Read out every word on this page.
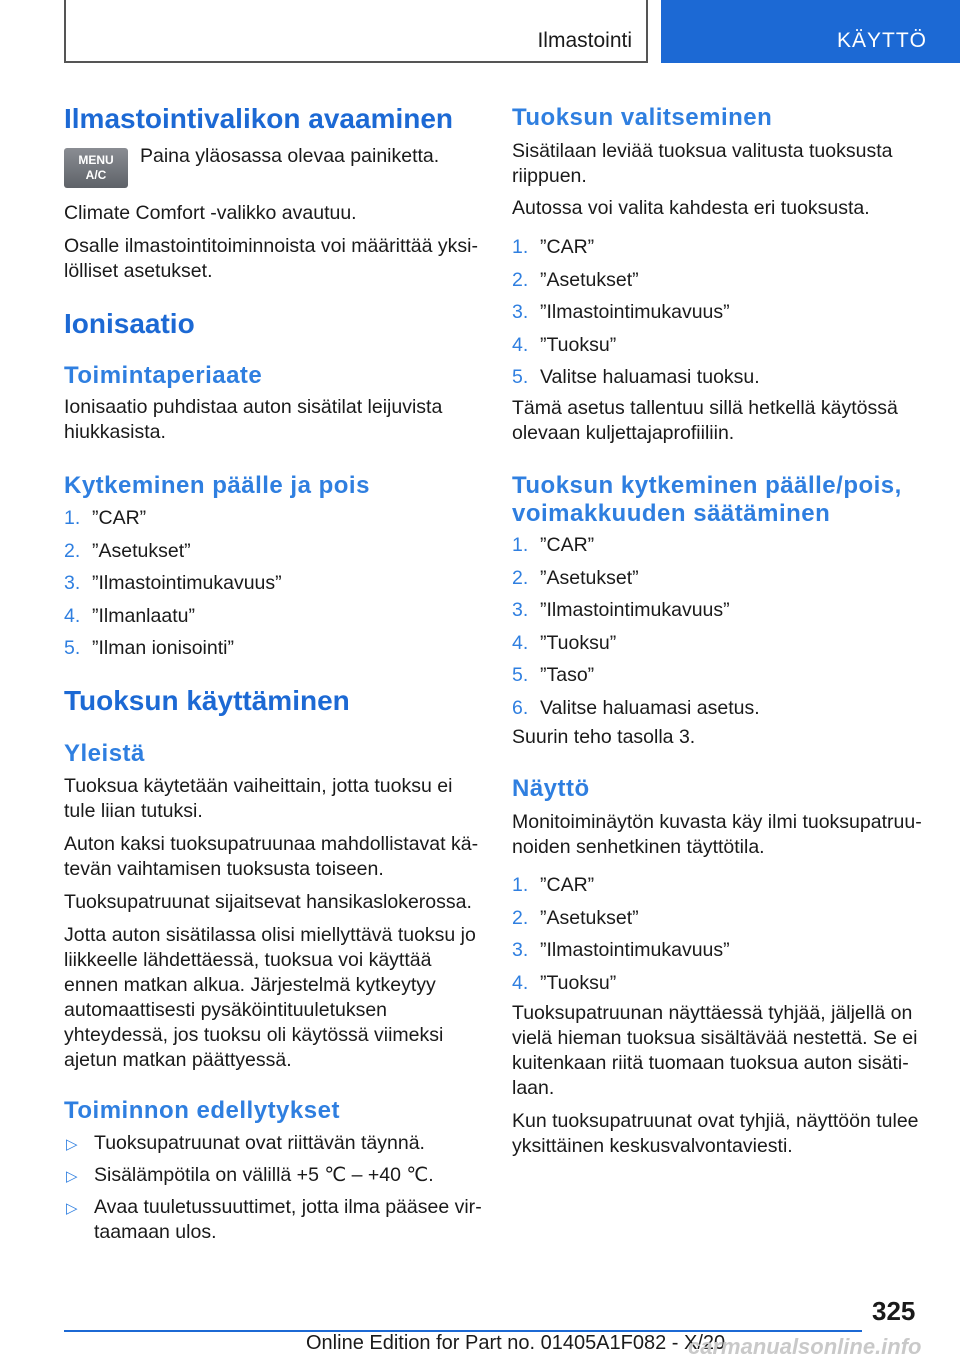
Ilmastointi	KÄYTTÖ
Ilmastointivalikon avaaminen
MENU
A/C
Paina yläosassa olevaa painiketta.
Climate Comfort -valikko avautuu.
Osalle ilmastointitoiminnoista voi määrittää yksilölliset asetukset.
Ionisaatio
Toimintaperiaate
Ionisaatio puhdistaa auton sisätilat leijuvista hiukkasista.
Kytkeminen päälle ja pois
1. ”CAR”
2. ”Asetukset”
3. ”Ilmastointimukavuus”
4. ”Ilmanlaatu”
5. ”Ilman ionisointi”
Tuoksun käyttäminen
Yleistä
Tuoksua käytetään vaiheittain, jotta tuoksu ei tule liian tutuksi.
Auton kaksi tuoksupatruunaa mahdollistavat kätevän vaihtamisen tuoksusta toiseen.
Tuoksupatruunat sijaitsevat hansikaslokerossa.
Jotta auton sisätilassa olisi miellyttävä tuoksu jo liikkeelle lähdettäessä, tuoksua voi käyttää ennen matkan alkua. Järjestelmä kytkeytyy automaattisesti pysäköintituuletuksen yhteydessä, jos tuoksu oli käytössä viimeksi ajetun matkan päättyessä.
Toiminnon edellytykset
▷ Tuoksupatruunat ovat riittävän täynnä.
▷ Sisälämpötila on välillä +5 ℃ – +40 ℃.
▷ Avaa tuuletussuuttimet, jotta ilma pääsee virtaamaan ulos.
Tuoksun valitseminen
Sisätilaan leviää tuoksua valitusta tuoksusta riippuen.
Autossa voi valita kahdesta eri tuoksusta.
1. ”CAR”
2. ”Asetukset”
3. ”Ilmastointimukavuus”
4. ”Tuoksu”
5. Valitse haluamasi tuoksu.
Tämä asetus tallentuu sillä hetkellä käytössä olevaan kuljettajaprofiiliin.
Tuoksun kytkeminen päälle/pois, voimakkuuden säätäminen
1. ”CAR”
2. ”Asetukset”
3. ”Ilmastointimukavuus”
4. ”Tuoksu”
5. ”Taso”
6. Valitse haluamasi asetus.
Suurin teho tasolla 3.
Näyttö
Monitoiminäytön kuvasta käy ilmi tuoksupatruunoiden senhetkinen täyttötila.
1. ”CAR”
2. ”Asetukset”
3. ”Ilmastointimukavuus”
4. ”Tuoksu”
Tuoksupatruunan näyttäessä tyhjää, jäljellä on vielä hieman tuoksua sisältävää nestettä. Se ei kuitenkaan riitä tuomaan tuoksua auton sisätilaan.
Kun tuoksupatruunat ovat tyhjiä, näyttöön tulee yksittäinen keskusvalvontaviesti.
325
Online Edition for Part no. 01405A1F082 - X/20
carmanualsonline.info
